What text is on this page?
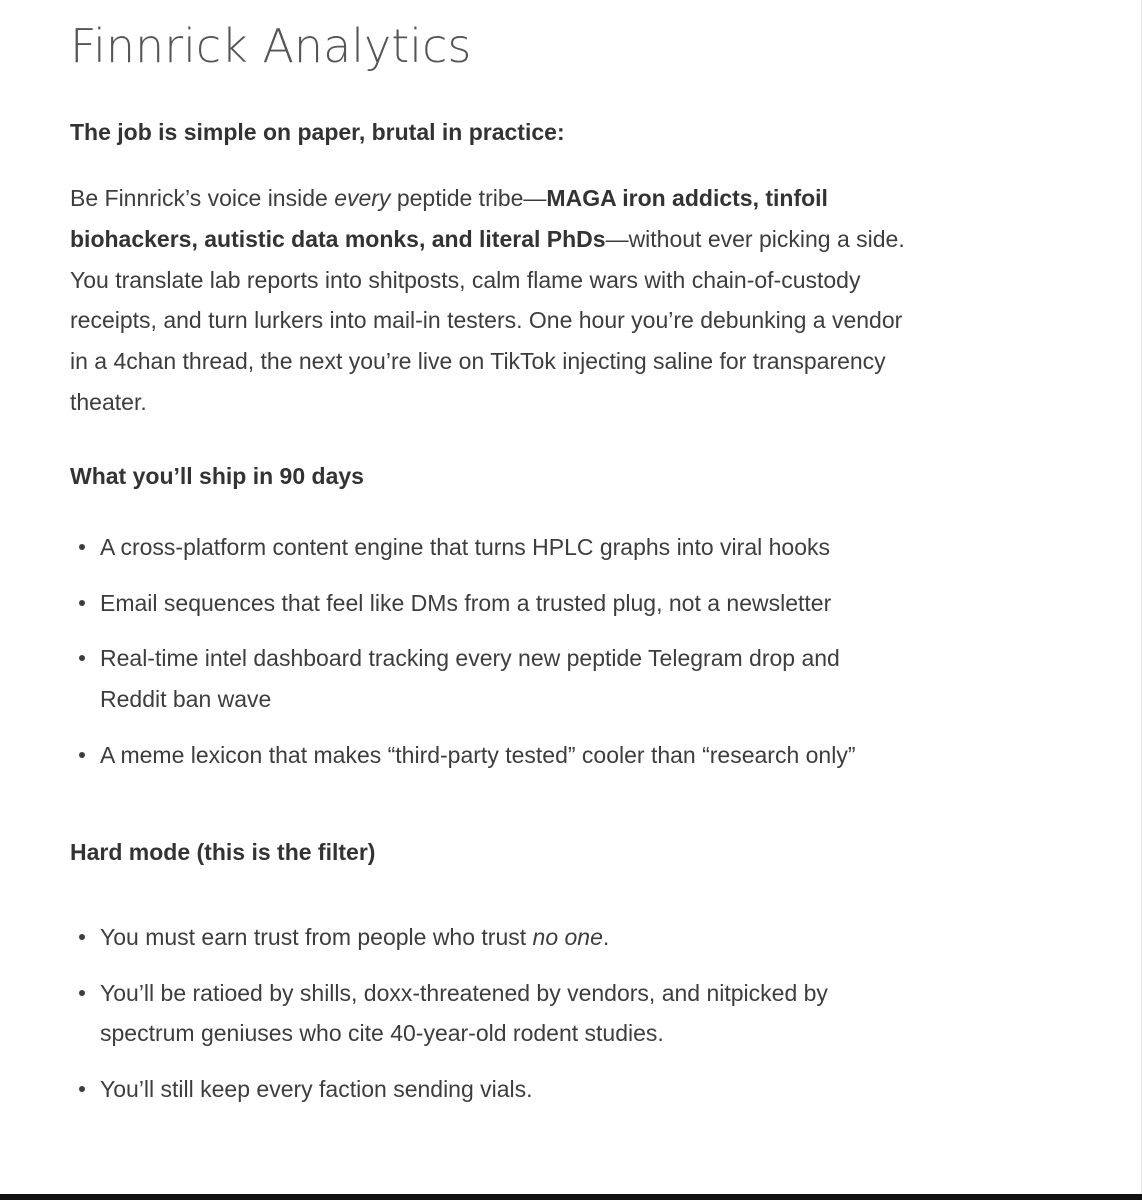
Finnrick Analytics
The job is simple on paper, brutal in practice:

Be Finnrick’s voice inside every peptide tribe—MAGA iron addicts, tinfoil biohackers, autistic data monks, and literal PhDs—without ever picking a side. You translate lab reports into shitposts, calm flame wars with chain-of-custody receipts, and turn lurkers into mail-in testers. One hour you’re debunking a vendor in a 4chan thread, the next you’re live on TikTok injecting saline for transparency theater.

What you’ll ship in 90 days
A cross-platform content engine that turns HPLC graphs into viral hooks
Email sequences that feel like DMs from a trusted plug, not a newsletter
Real-time intel dashboard tracking every new peptide Telegram drop and Reddit ban wave
A meme lexicon that makes “third-party tested” cooler than “research only”
Hard mode (this is the filter)
You must earn trust from people who trust no one.
You’ll be ratioed by shills, doxx-threatened by vendors, and nitpicked by spectrum geniuses who cite 40-year-old rodent studies.
You’ll still keep every faction sending vials.
